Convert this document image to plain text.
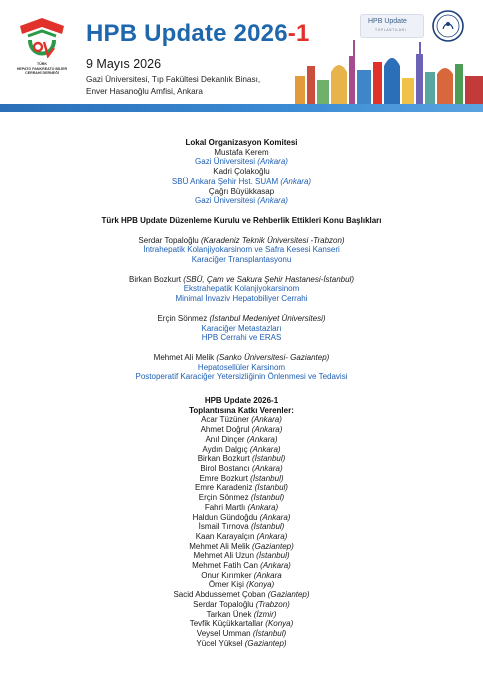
TÜRK
HEPATO PANKREATO BİLİER
CERRAHİ DERNEĞİ
HPB Update 2026-1
9 Mayıs 2026
Gazi Üniversitesi, Tıp Fakültesi Dekanlık Binası,
Enver Hasanoğlu Amfisi, Ankara
HPB Update
TOPLANTILARI
Lokal Organizasyon Komitesi
Mustafa Kerem
Gazi Üniversitesi (Ankara)
Kadri Çolakoğlu
SBÜ Ankara Şehir Hst. SUAM (Ankara)
Çağrı Büyükkasap
Gazi Üniversitesi (Ankara)
Türk HPB Update Düzenleme Kurulu ve Rehberlik Ettikleri Konu Başlıkları
Serdar Topaloğlu (Karadeniz Teknik Üniversitesi -Trabzon)
İntrahepatik Kolanjiyokarsinom ve Safra Kesesi Kanseri
Karaciğer Transplantasyonu
Birkan Bozkurt (SBÜ, Çam ve Sakura Şehir Hastanesi-İstanbul)
Ekstrahepatik Kolanjiyokarsinom
Minimal İnvaziv Hepatobiliyer Cerrahi
Erçin Sönmez (İstanbul Medeniyet Üniversitesi)
Karaciğer Metastazları
HPB Cerrahi ve ERAS
Mehmet Ali Melik (Sanko Üniversitesi- Gaziantep)
Hepatosellüler Karsinom
Postoperatif Karaciğer Yetersizliğinin Önlenmesi ve Tedavisi
HPB Update 2026-1
Toplantısına Katkı Verenler:
Acar Tüzüner (Ankara)
Ahmet Doğrul (Ankara)
Anıl Dinçer (Ankara)
Aydın Dalgıç (Ankara)
Birkan Bozkurt (İstanbul)
Birol Bostancı (Ankara)
Emre Bozkurt (İstanbul)
Emre Karadeniz (İstanbul)
Erçin Sönmez (İstanbul)
Fahri Martlı (Ankara)
Haldun Gündoğdu (Ankara)
İsmail Tırnova (İstanbul)
Kaan Karayalçın (Ankara)
Mehmet Ali Melik (Gaziantep)
Mehmet Ali Uzun (İstanbul)
Mehmet Fatih Can (Ankara)
Onur Kırımker (Ankara
Ömer Kişi (Konya)
Sacid Abdussemet Çoban (Gaziantep)
Serdar Topaloğlu (Trabzon)
Tarkan Ünek (İzmir)
Tevfik Küçükkartallar (Konya)
Veysel Umman (İstanbul)
Yücel Yüksel (Gaziantep)
